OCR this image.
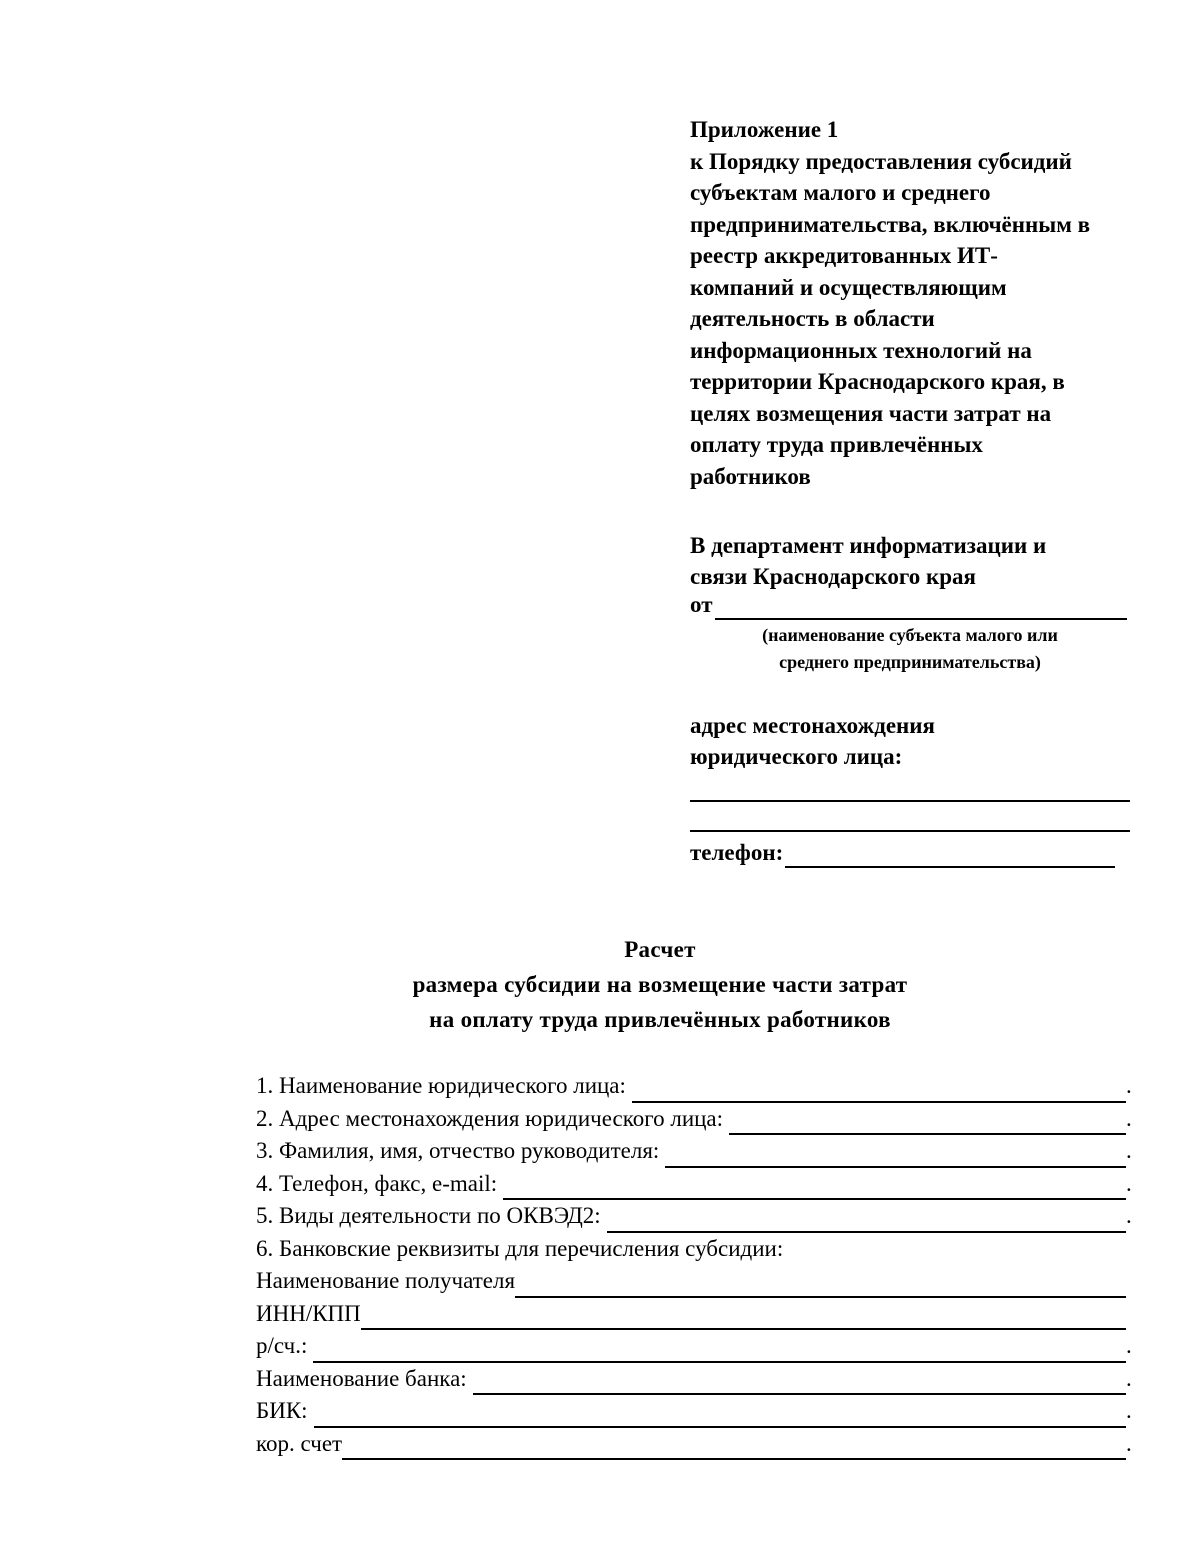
Приложение 1
к Порядку предоставления субсидий
субъектам малого и среднего
предпринимательства, включённым в
реестр аккредитованных ИТ-
компаний и осуществляющим
деятельность в области
информационных технологий на
территории Краснодарского края, в
целях возмещения части затрат на
оплату труда привлечённых
работников
В департамент информатизации и
связи Краснодарского края
от
(наименование субъекта малого или
среднего предпринимательства)
адрес местонахождения
юридического лица:
телефон:
Расчет
размера субсидии на возмещение части затрат
на оплату труда привлечённых работников
1. Наименование юридического лица:	.
2. Адрес местонахождения юридического лица:	.
3. Фамилия, имя, отчество руководителя:	.
4. Телефон, факс, e-mail:	.
5. Виды деятельности по ОКВЭД2:	.
6. Банковские реквизиты для перечисления субсидии:
Наименование получателя
ИНН/КПП
р/сч.:	.
Наименование банка:	.
БИК:	.
кор. счет	.
